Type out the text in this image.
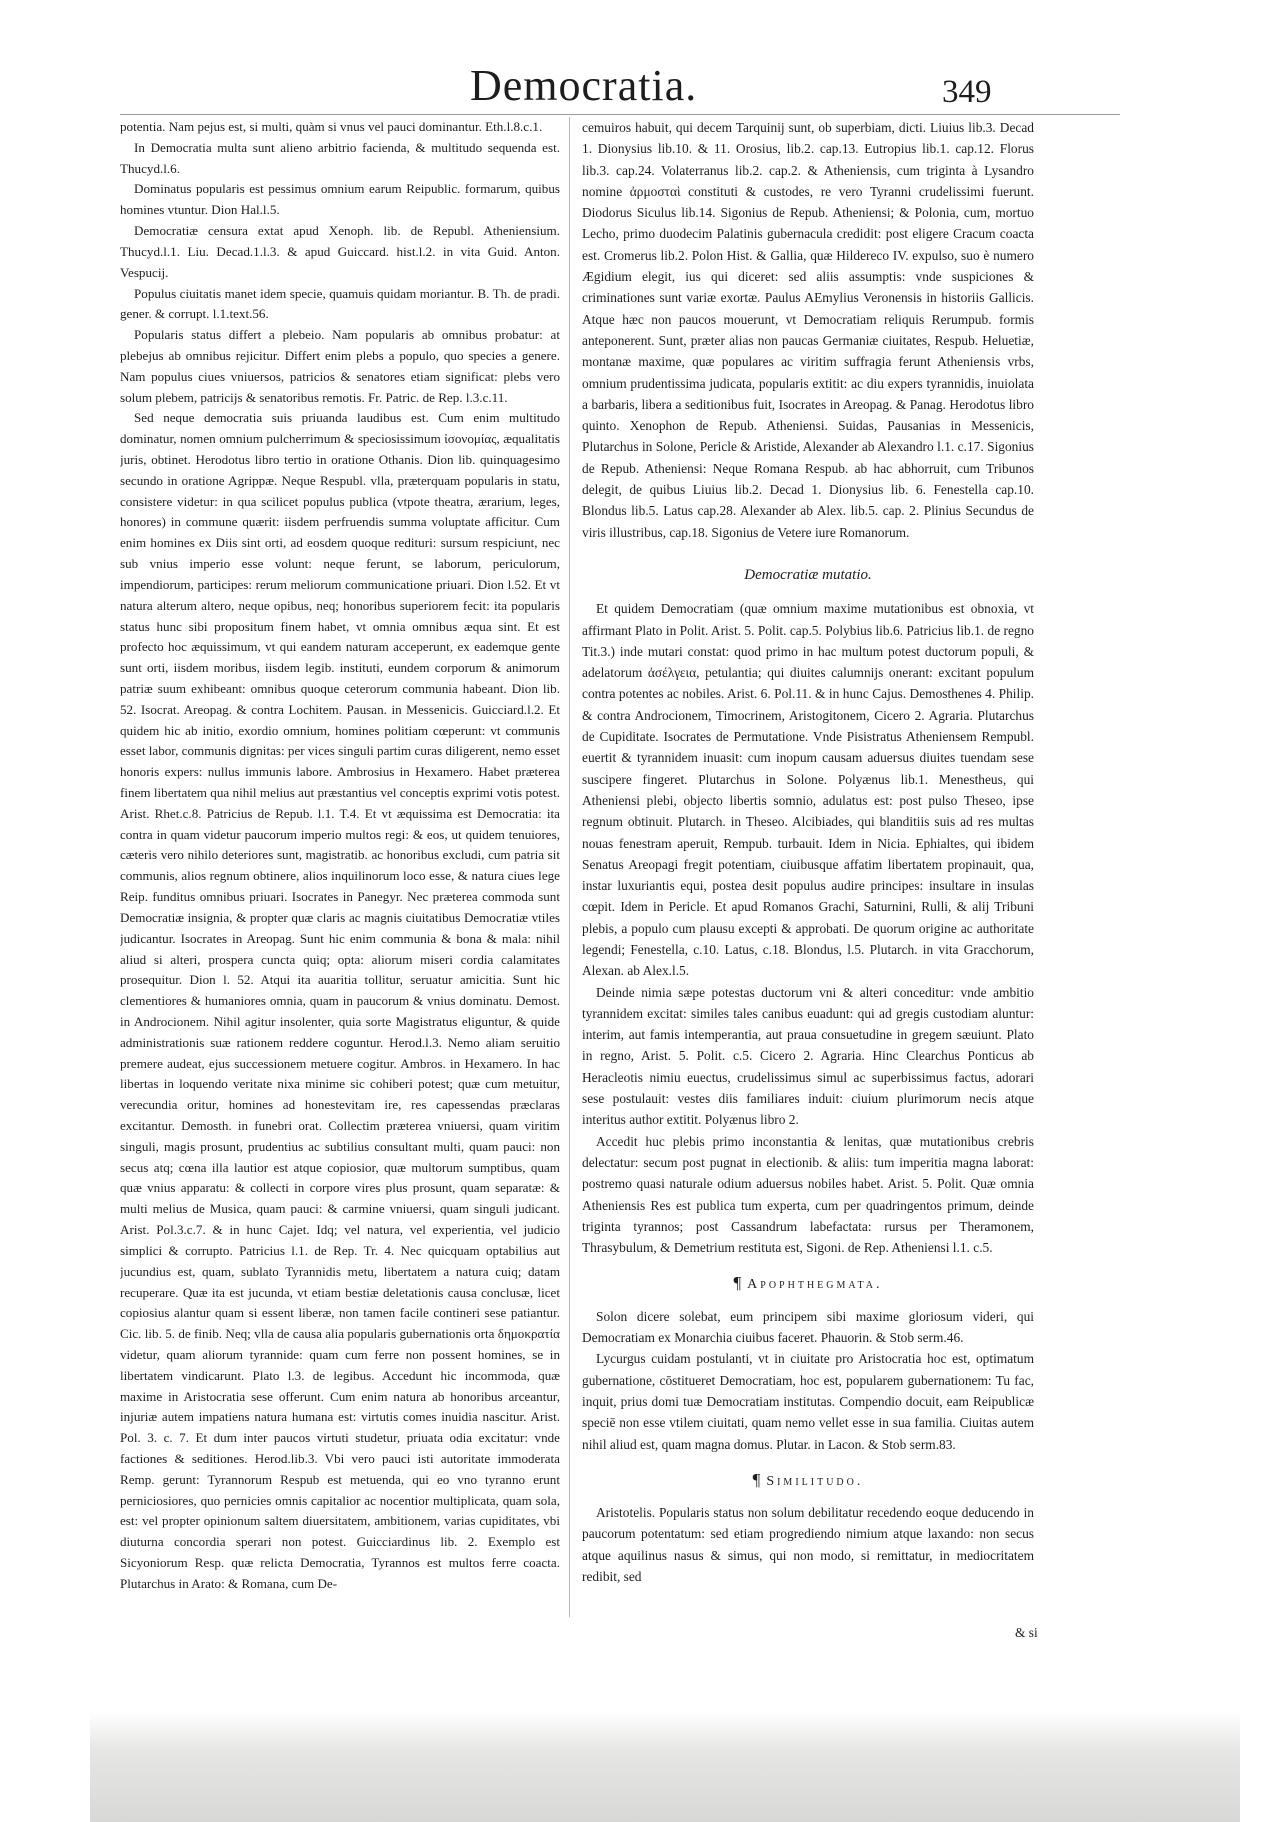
Democratia.	349

potentia. Nam pejus est, si multi, quàm si vnus vel pauci dominantur. Eth.l.8.c.1.

In Democratia multa sunt alieno arbitrio facienda, & multitudo sequenda est. Thucyd.l.6.

Dominatus popularis est pessimus omnium earum Reipublic. formarum, quibus homines vtuntur. Dion Hal.l.5.

Democratiæ censura extat apud Xenoph. lib. de Republ. Atheniensium. Thucyd.l.1. Liu. Decad.1.l.3. & apud Guiccard. hist.l.2. in vita Guid. Anton. Vespucij.

Populus ciuitatis manet idem specie, quamuis quidam moriantur. B. Th. de pradi. gener. & corrupt. l.1.text.56.

Popularis status differt a plebeio. Nam popularis ab omnibus probatur: at plebejus ab omnibus rejicitur. Differt enim plebs a populo, quo species a genere. Nam populus ciues vniuersos, patricios & senatores etiam significat: plebs vero solum plebem, patricijs & senatoribus remotis. Fr. Patric. de Rep. l.3.c.11.

Sed neque democratia suis priuanda laudibus est. Cum enim multitudo dominatur, nomen omnium pulcherrimum & speciosissimum ἰσονομίας, æqualitatis juris, obtinet. Herodotus libro tertio in oratione Othanis. Dion lib. quinquagesimo secundo in oratione Agrippæ. Neque Respubl. vlla, præterquam popularis in statu, consistere videtur: in qua scilicet populus publica (vtpote theatra, ærarium, leges, honores) in commune quærit: iisdem perfruendis summa voluptate afficitur. Cum enim homines ex Diis sint orti, ad eosdem quoque redituri: sursum respiciunt, nec sub vnius imperio esse volunt: neque ferunt, se laborum, periculorum, impendiorum, participes: rerum meliorum communicatione priuari. Dion l.52. Et vt natura alterum altero, neque opibus, neq; honoribus superiorem fecit: ita popularis status hunc sibi propositum finem habet, vt omnia omnibus æqua sint. Et est profecto hoc æquissimum, vt qui eandem naturam acceperunt, ex eademque gente sunt orti, iisdem moribus, iisdem legib. instituti, eundem corporum & animorum patriæ suum exhibeant: omnibus quoque ceterorum communia habeant. Dion lib. 52. Isocrat. Areopag. & contra Lochitem. Pausan. in Messenicis. Guicciard.l.2. Et quidem hic ab initio, exordio omnium, homines politiam cœperunt: vt communis esset labor, communis dignitas: per vices singuli partim curas diligerent, nemo esset honoris expers: nullus immunis labore. Ambrosius in Hexamero. Habet præterea finem libertatem qua nihil melius aut præstantius vel conceptis exprimi votis potest. Arist. Rhet.c.8. Patricius de Repub. l.1. T.4. Et vt æquissima est Democratia: ita contra in quam videtur paucorum imperio multos regi: & eos, ut quidem tenuiores, cæteris vero nihilo deteriores sunt, magistratib. ac honoribus excludi, cum patria sit communis, alios regnum obtinere, alios inquilinorum loco esse, & natura ciues lege Reip. funditus omnibus priuari. Isocrates in Panegyr. Nec præterea commoda sunt Democratiæ insignia, & propter quæ claris ac magnis ciuitatibus Democratiæ vtiles judicantur. Isocrates in Areopag. Sunt hic enim communia & bona & mala: nihil aliud si alteri, prospera cuncta quiq; opta: aliorum miseri cordia calamitates prosequitur. Dion l. 52. Atqui ita auaritia tollitur, seruatur amicitia. Sunt hic clementiores & humaniores omnia, quam in paucorum & vnius dominatu. Demost. in Androcionem. Nihil agitur insolenter, quia sorte Magistratus eliguntur, & quide administrationis suæ rationem reddere coguntur. Herod.l.3. Nemo aliam seruitio premere audeat, ejus successionem metuere cogitur. Ambros. in Hexamero. In hac libertas in loquendo veritate nixa minime sic cohiberi potest; quæ cum metuitur, verecundia oritur, homines ad honestevitam ire, res capessendas præclaras excitantur. Demosth. in funebri orat. Collectim præterea vniuersi, quam viritim singuli, magis prosunt, prudentius ac subtilius consultant multi, quam pauci: non secus atq; cœna illa lautior est atque copiosior, quæ multorum sumptibus, quam quæ vnius apparatu: & collecti in corpore vires plus prosunt, quam separatæ: & multi melius de Musica, quam pauci: & carmine vniuersi, quam singuli judicant. Arist. Pol.3.c.7. & in hunc Cajet. Idq; vel natura, vel experientia, vel judicio simplici & corrupto. Patricius l.1. de Rep. Tr. 4. Nec quicquam optabilius aut jucundius est, quam, sublato Tyrannidis metu, libertatem a natura cuiq; datam recuperare. Quæ ita est jucunda, vt etiam bestiæ deletationis causa conclusæ, licet copiosius alantur quam si essent liberæ, non tamen facile contineri sese patiantur. Cic. lib. 5. de finib. Neq; vlla de causa alia popularis gubernationis orta δημοκρατία videtur, quam aliorum tyrannide: quam cum ferre non possent homines, se in libertatem vindicarunt. Plato l.3. de legibus. Accedunt hic incommoda, quæ maxime in Aristocratia sese offerunt. Cum enim natura ab honoribus arceantur, injuriæ autem impatiens natura humana est: virtutis comes inuidia nascitur. Arist. Pol. 3. c. 7. Et dum inter paucos virtuti studetur, priuata odia excitatur: vnde factiones & seditiones. Herod.lib.3. Vbi vero pauci isti autoritate immoderata Remp. gerunt: Tyrannorum Respub est metuenda, qui eo vno tyranno erunt perniciosiores, quo pernicies omnis capitalior ac nocentior multiplicata, quam sola, est: vel propter opinionum saltem diuersitatem, ambitionem, varias cupiditates, vbi diuturna concordia sperari non potest. Guicciardinus lib. 2. Exemplo est Sicyoniorum Resp. quæ relicta Democratia, Tyrannos est multos ferre coacta. Plutarchus in Arato: & Romana, cum De-

cemuiros habuit, qui decem Tarquinij sunt, ob superbiam, dicti. Liuius lib.3. Decad 1. Dionysius lib.10. & 11. Orosius, lib.2. cap.13. Eutropius lib.1. cap.12. Florus lib.3. cap.24. Volaterranus lib.2. cap.2. & Atheniensis, cum triginta à Lysandro nomine ἀρμοσταὶ constituti & custodes, re vero Tyranni crudelissimi fuerunt. Diodorus Siculus lib.14. Sigonius de Repub. Atheniensi; & Polonia, cum, mortuo Lecho, primo duodecim Palatinis gubernacula credidit: post eligere Cracum coacta est. Cromerus lib.2. Polon Hist. & Gallia, quæ Hildereco IV. expulso, suo è numero Ægidium elegit, ius qui diceret: sed aliis assumptis: vnde suspiciones & criminationes sunt variæ exortæ. Paulus AEmylius Veronensis in historiis Gallicis. Atque hæc non paucos mouerunt, vt Democratiam reliquis Rerumpub. formis anteponerent. Sunt, præter alias non paucas Germaniæ ciuitates, Respub. Heluetiæ, montanæ maxime, quæ populares ac viritim suffragia ferunt Atheniensis vrbs, omnium prudentissima judicata, popularis extitit: ac diu expers tyrannidis, inuiolata a barbaris, libera a seditionibus fuit, Isocrates in Areopag. & Panag. Herodotus libro quinto. Xenophon de Repub. Atheniensi. Suidas, Pausanias in Messenicis, Plutarchus in Solone, Pericle & Aristide, Alexander ab Alexandro l.1. c.17. Sigonius de Repub. Atheniensi: Neque Romana Respub. ab hac abhorruit, cum Tribunos delegit, de quibus Liuius lib.2. Decad 1. Dionysius lib. 6. Fenestella cap.10. Blondus lib.5. Latus cap.28. Alexander ab Alex. lib.5. cap. 2. Plinius Secundus de viris illustribus, cap.18. Sigonius de Vetere iure Romanorum.

Democratiæ mutatio.

Et quidem Democratiam (quæ omnium maxime mutationibus est obnoxia, vt affirmant Plato in Polit. Arist. 5. Polit. cap.5. Polybius lib.6. Patricius lib.1. de regno Tit.3.) inde mutari constat: quod primo in hac multum potest ductorum populi, & adelatorum ἀσέλγεια, petulantia; qui diuites calumnijs onerant: excitant populum contra potentes ac nobiles. Arist. 6. Pol.11. & in hunc Cajus. Demosthenes 4. Philip. & contra Androcionem, Timocrinem, Aristogitonem, Cicero 2. Agraria. Plutarchus de Cupiditate. Isocrates de Permutatione. Vnde Pisistratus Atheniensem Rempubl. euertit & tyrannidem inuasit: cum inopum causam aduersus diuites tuendam sese suscipere fingeret. Plutarchus in Solone. Polyænus lib.1. Menestheus, qui Atheniensi plebi, objecto libertis somnio, adulatus est: post pulso Theseo, ipse regnum obtinuit. Plutarch. in Theseo. Alcibiades, qui blanditiis suis ad res multas nouas fenestram aperuit, Rempub. turbauit. Idem in Nicia. Ephialtes, qui ibidem Senatus Areopagi fregit potentiam, ciuibusque affatim libertatem propinauit, qua, instar luxuriantis equi, postea desit populus audire principes: insultare in insulas cœpit. Idem in Pericle. Et apud Romanos Grachi, Saturnini, Rulli, & alij Tribuni plebis, a populo cum plausu excepti & approbati. De quorum origine ac authoritate legendi; Fenestella, c.10. Latus, c.18. Blondus, l.5. Plutarch. in vita Gracchorum, Alexan. ab Alex.l.5.

Deinde nimia sæpe potestas ductorum vni & alteri conceditur: vnde ambitio tyrannidem excitat: similes tales canibus euadunt: qui ad gregis custodiam aluntur: interim, aut famis intemperantia, aut praua consuetudine in gregem sæuiunt. Plato in regno, Arist. 5. Polit. c.5. Cicero 2. Agraria. Hinc Clearchus Ponticus ab Heracleotis nimiu euectus, crudelissimus simul ac superbissimus factus, adorari sese postulauit: vestes diis familiares induit: ciuium plurimorum necis atque interitus author extitit. Polyænus libro 2.

Accedit huc plebis primo inconstantia & lenitas, quæ mutationibus crebris delectatur: secum post pugnat in electionib. & aliis: tum imperitia magna laborat: postremo quasi naturale odium aduersus nobiles habet. Arist. 5. Polit. Quæ omnia Atheniensis Res est publica tum experta, cum per quadringentos primum, deinde triginta tyrannos; post Cassandrum labefactata: rursus per Theramonem, Thrasybulum, & Demetrium restituta est, Sigoni. de Rep. Atheniensi l.1. c.5.

¶ Apophthegmata.

Solon dicere solebat, eum principem sibi maxime gloriosum videri, qui Democratiam ex Monarchia ciuibus faceret. Phauorin. & Stob serm.46.

Lycurgus cuidam postulanti, vt in ciuitate pro Aristocratia hoc est, optimatum gubernatione, cōstitueret Democratiam, hoc est, popularem gubernationem: Tu fac, inquit, prius domi tuæ Democratiam institutas. Compendio docuit, eam Reipublicæ speciē non esse vtilem ciuitati, quam nemo vellet esse in sua familia. Ciuitas autem nihil aliud est, quam magna domus. Plutar. in Lacon. & Stob serm.83.

¶ Similitudo.

Aristotelis. Popularis status non solum debilitatur recedendo eoque deducendo in paucorum potentatum: sed etiam progrediendo nimium atque laxando: non secus atque aquilinus nasus & simus, qui non modo, si remittatur, in mediocritatem redibit, sed

& si
